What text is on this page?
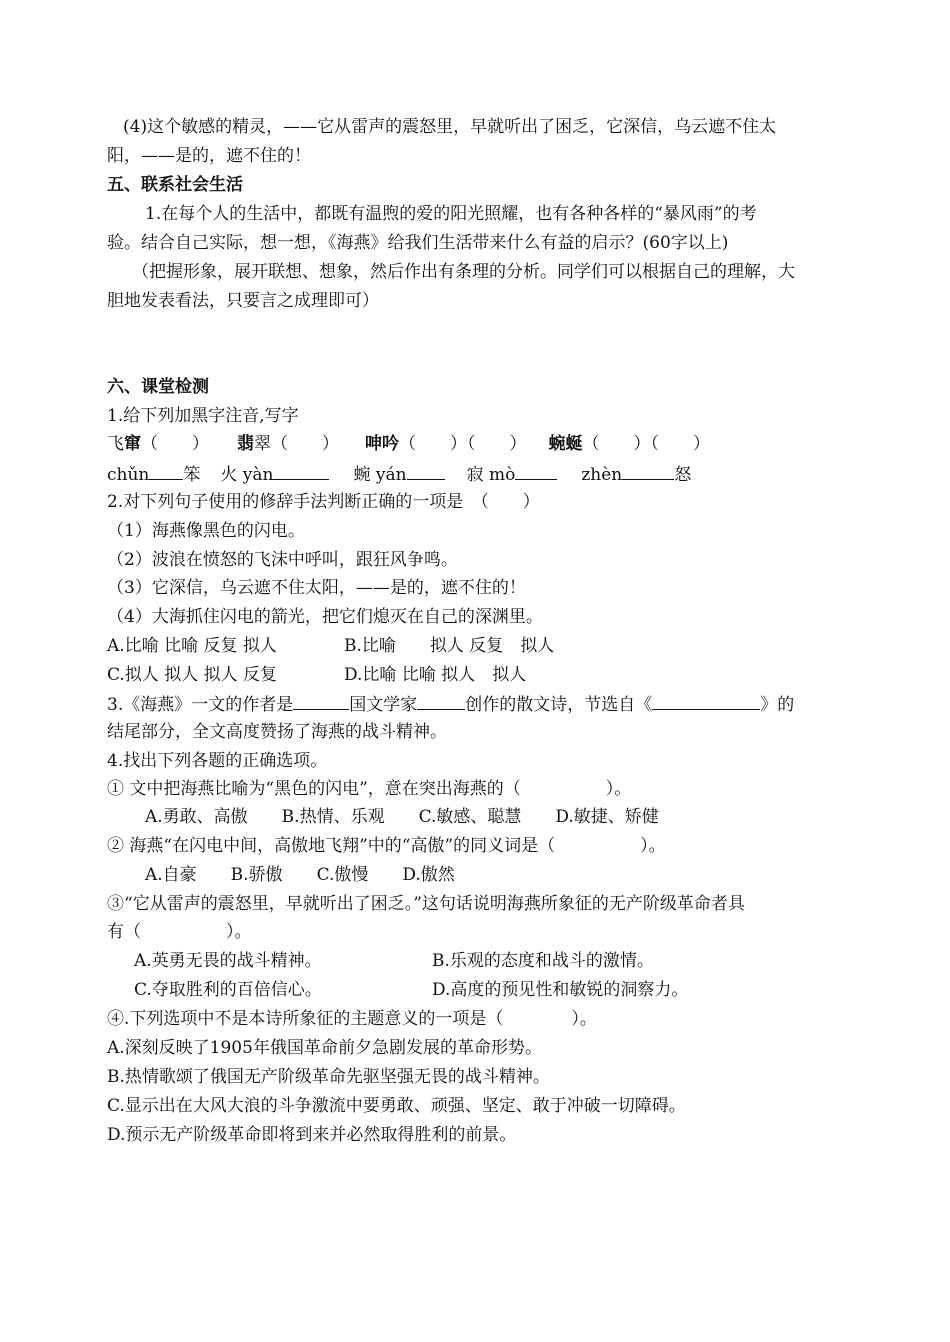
(4)这个敏感的精灵，——它从雷声的震怒里，早就听出了困乏，它深信，乌云遮不住太
阳，——是的，遮不住的！
五、联系社会生活
1.在每个人的生活中，都既有温煦的爱的阳光照耀，也有各种各样的“暴风雨”的考
验。结合自己实际，想一想，《海燕》给我们生活带来什么有益的启示？(60字以上)
（把握形象，展开联想、想象，然后作出有条理的分析。同学们可以根据自己的理解，大
胆地发表看法，只要言之成理即可）
六、课堂检测
1.给下列加黑字注音,写字
飞窜（　　） 翡翠（　　） 呻吟（　　）（　　） 蜿蜒（　　）（　　）
chǔn 笨 火 yàn	蜿 yán	寂 mò	zhèn	怒
2.对下列句子使用的修辞手法判断正确的一项是　（　　）
（1）海燕像黑色的闪电。
（2）波浪在愤怒的飞沫中呼叫，跟狂风争鸣。
（3）它深信，乌云遮不住太阳，——是的，遮不住的！
（4）大海抓住闪电的箭光，把它们熄灭在自己的深渊里。
A.比喻 比喻 反复 拟人	B.比喻　　拟人 反复　拟人
C.拟人 拟人 拟人 反复	D.比喻 比喻 拟人　拟人
3.《海燕》一文的作者是	国文学家	创作的散文诗，节选自《	》的
结尾部分，全文高度赞扬了海燕的战斗精神。
4.找出下列各题的正确选项。
① 文中把海燕比喻为“黑色的闪电”，意在突出海燕的（　　　　　）。
A.勇敢、高傲　　B.热情、乐观　　C.敏感、聪慧　　D.敏捷、矫健
② 海燕“在闪电中间，高傲地飞翔”中的“高傲”的同义词是（　　　　　）。
A.自豪　　B.骄傲　　C.傲慢　　D.傲然
③“它从雷声的震怒里，早就听出了困乏。”这句话说明海燕所象征的无产阶级革命者具
有（　　　　　）。
A.英勇无畏的战斗精神。	B.乐观的态度和战斗的激情。
C.夺取胜利的百倍信心。	D.高度的预见性和敏锐的洞察力。
④.下列选项中不是本诗所象征的主题意义的一项是（　　　　）。
A.深刻反映了1905年俄国革命前夕急剧发展的革命形势。
B.热情歌颂了俄国无产阶级革命先驱坚强无畏的战斗精神。
C.显示出在大风大浪的斗争激流中要勇敢、顽强、坚定、敢于冲破一切障碍。
D.预示无产阶级革命即将到来并必然取得胜利的前景。
